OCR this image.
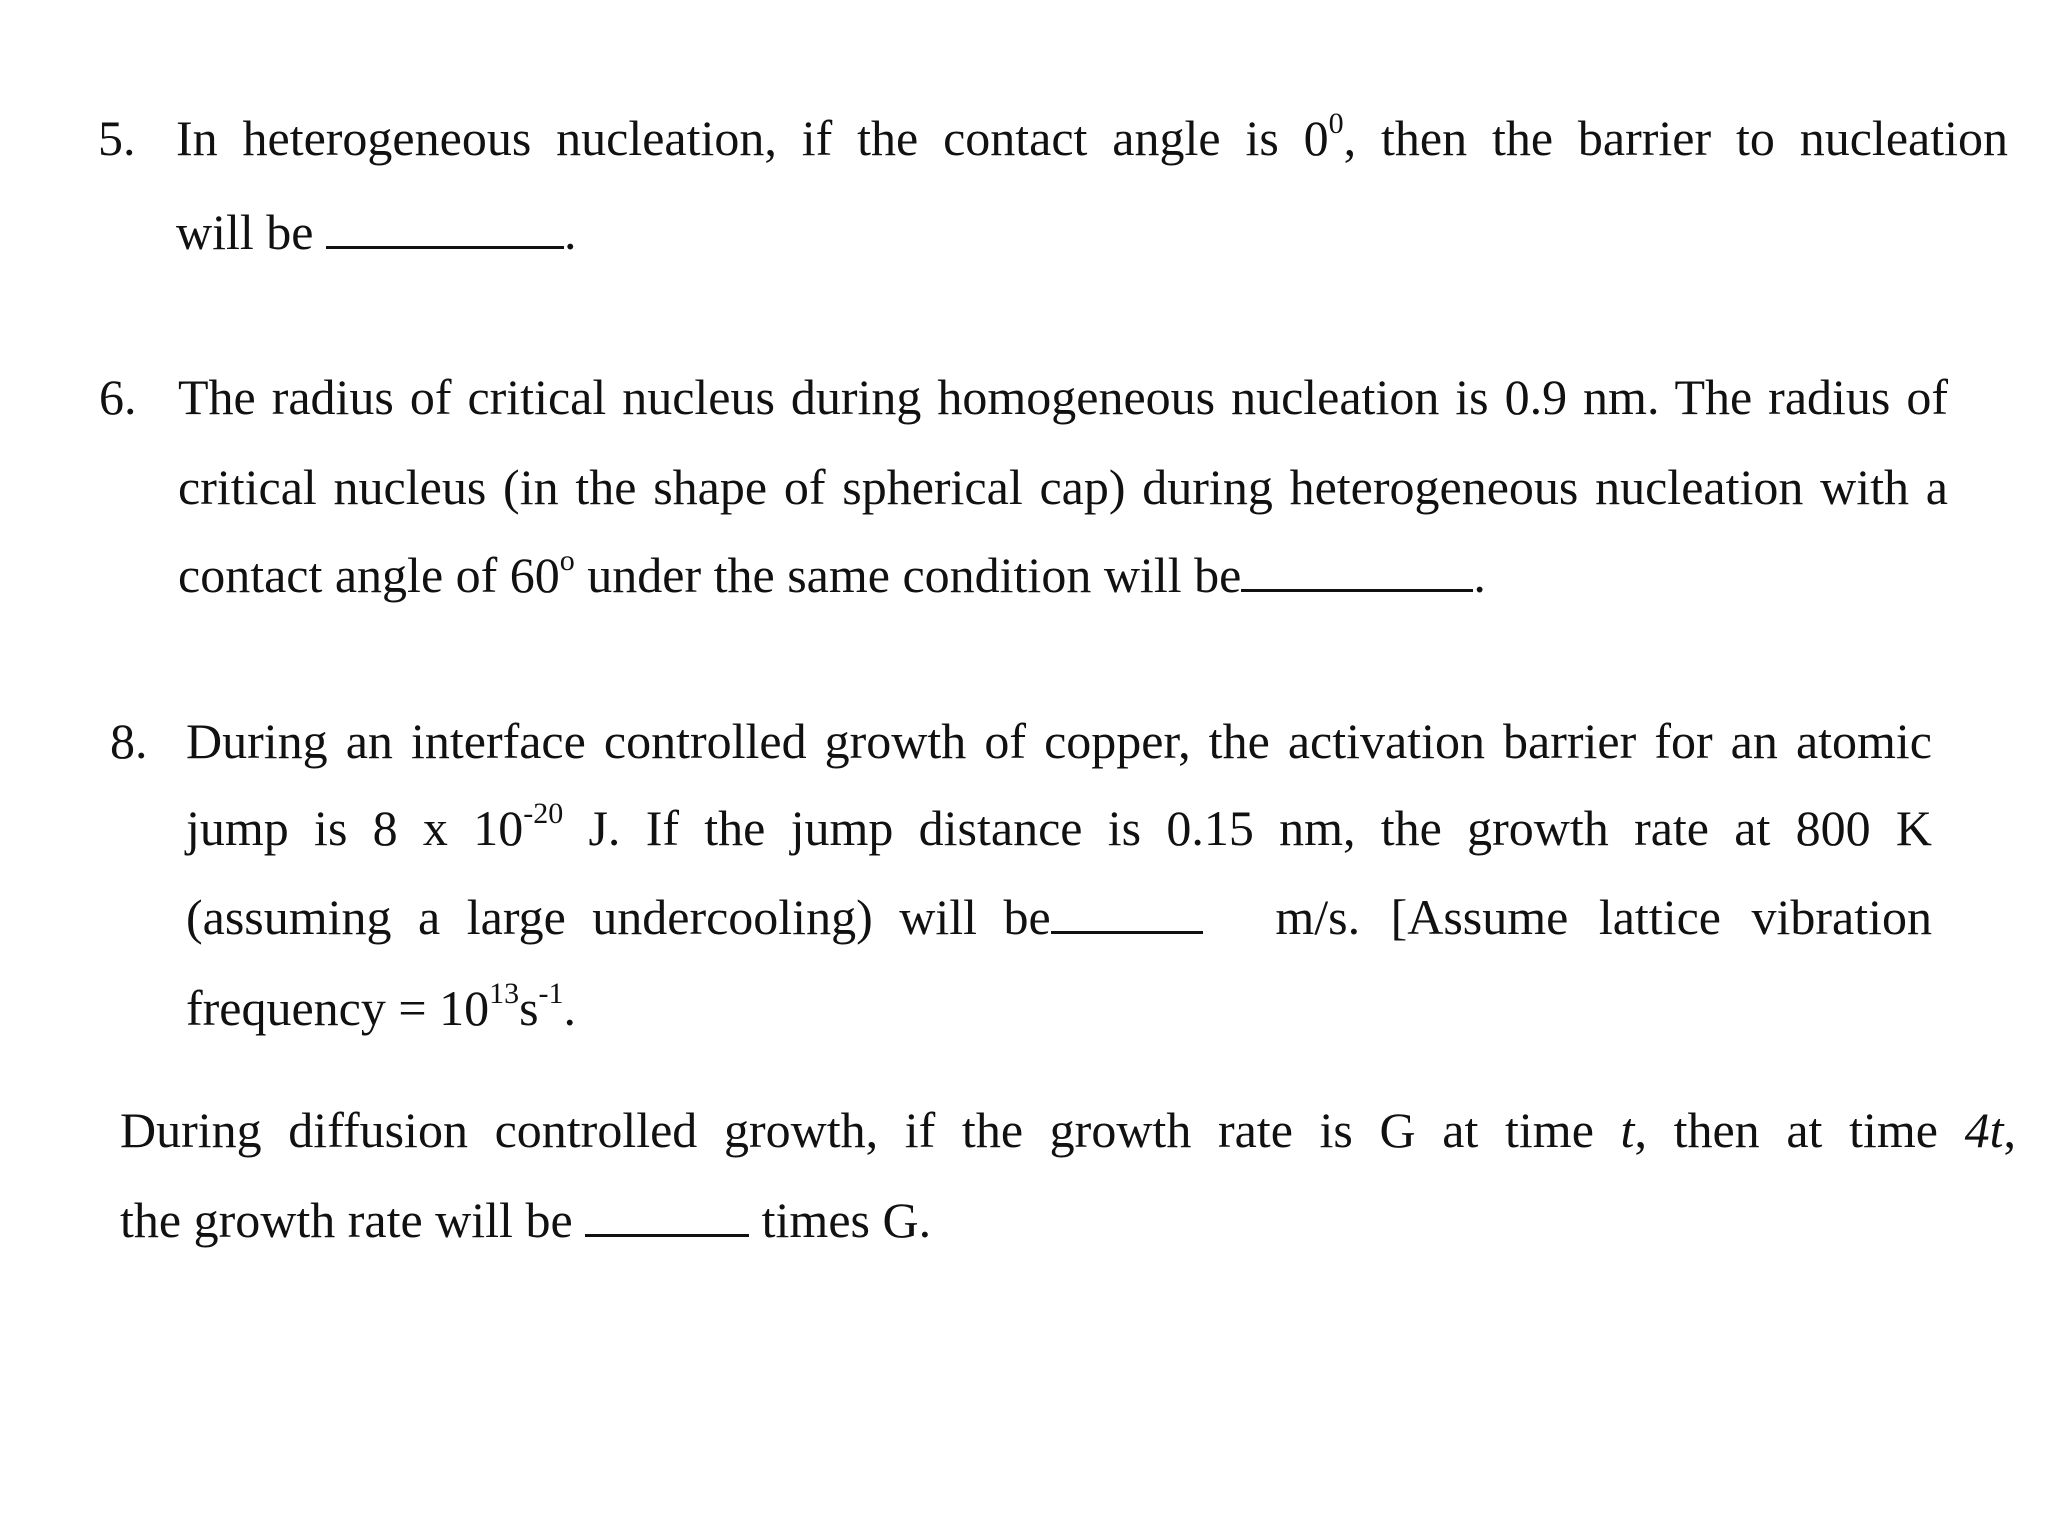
5. In heterogeneous nucleation, if the contact angle is $0^0$, then the barrier to nucleation
will be	.
6. The radius of critical nucleus during homogeneous nucleation is 0.9 nm. The radius of
critical nucleus (in the shape of spherical cap) during heterogeneous nucleation with a
contact angle of 60$^o$ under the same condition will be	.
8. During an interface controlled growth of copper, the activation barrier for an atomic
jump is 8 x $10^{-20}$ J. If the jump distance is 0.15 nm, the growth rate at 800 K
(assuming a large undercooling) will be	m/s. [Assume lattice vibration
frequency = $10^{13}s^{-1}$.
During diffusion controlled growth, if the growth rate is G at time t, then at time 4t,
the growth rate will be	times G.
